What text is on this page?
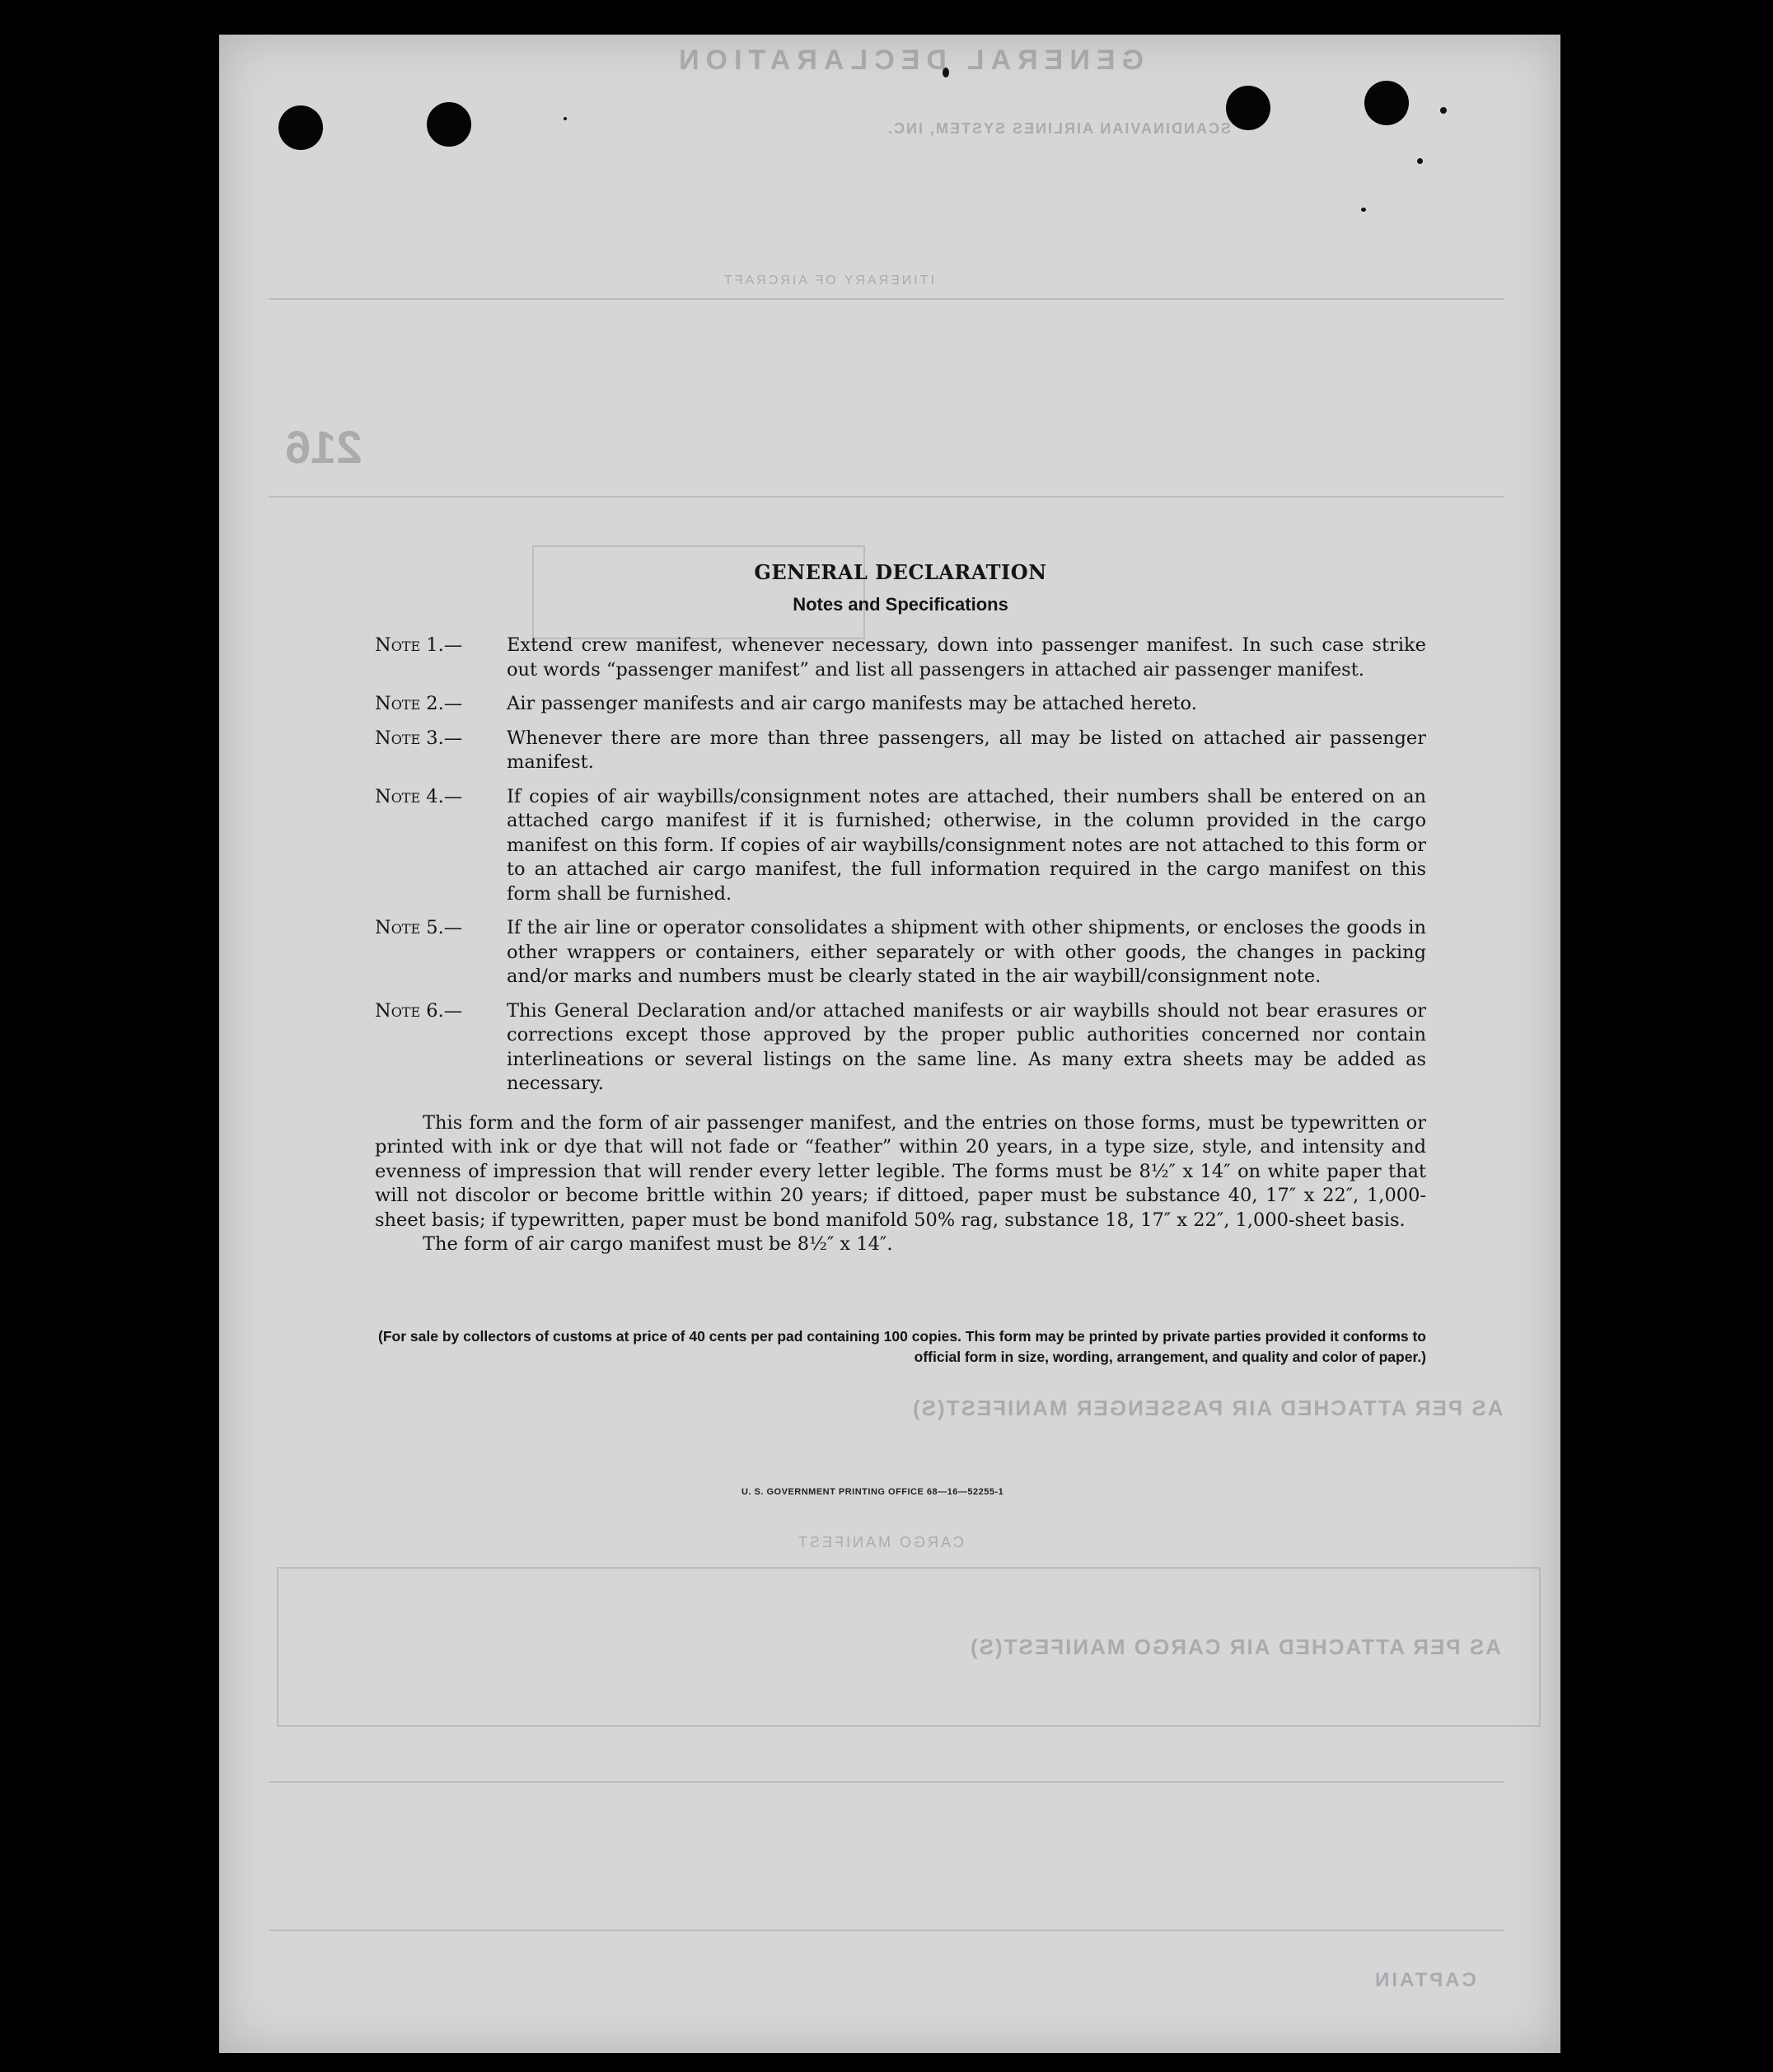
GENERAL DECLARATION
SCANDINAVIAN AIRLINES SYSTEM, INC.
216
ITINERARY OF AIRCRAFT
AS PER ATTACHED AIR PASSENGER MANIFEST(S)
CARGO MANIFEST
AS PER ATTACHED AIR CARGO MANIFEST(S)
CAPTAIN
GENERAL DECLARATION
Notes and Specifications
Note 1.—	Extend crew manifest, whenever necessary, down into passenger manifest. In such case strike out words “passenger manifest” and list all passengers in attached air passenger manifest.
Note 2.—	Air passenger manifests and air cargo manifests may be attached hereto.
Note 3.—	Whenever there are more than three passengers, all may be listed on attached air passenger manifest.
Note 4.—	If copies of air waybills/consignment notes are attached, their numbers shall be entered on an attached cargo manifest if it is furnished; otherwise, in the column provided in the cargo manifest on this form. If copies of air waybills/consignment notes are not attached to this form or to an attached air cargo manifest, the full information required in the cargo manifest on this form shall be furnished.
Note 5.—	If the air line or operator consolidates a shipment with other shipments, or encloses the goods in other wrappers or containers, either separately or with other goods, the changes in packing and/or marks and numbers must be clearly stated in the air waybill/consignment note.
Note 6.—	This General Declaration and/or attached manifests or air waybills should not bear erasures or corrections except those approved by the proper public authorities concerned nor contain interlineations or several listings on the same line. As many extra sheets may be added as necessary.
This form and the form of air passenger manifest, and the entries on those forms, must be typewritten or printed with ink or dye that will not fade or “feather” within 20 years, in a type size, style, and intensity and evenness of impression that will render every letter legible. The forms must be 8½″ x 14″ on white paper that will not discolor or become brittle within 20 years; if dittoed, paper must be substance 40, 17″ x 22″, 1,000-sheet basis; if typewritten, paper must be bond manifold 50% rag, substance 18, 17″ x 22″, 1,000-sheet basis.
The form of air cargo manifest must be 8½″ x 14″.
(For sale by collectors of customs at price of 40 cents per pad containing 100 copies. This form may be printed by private parties provided it conforms to official form in size, wording, arrangement, and quality and color of paper.)
U. S. GOVERNMENT PRINTING OFFICE 68—16—52255-1
